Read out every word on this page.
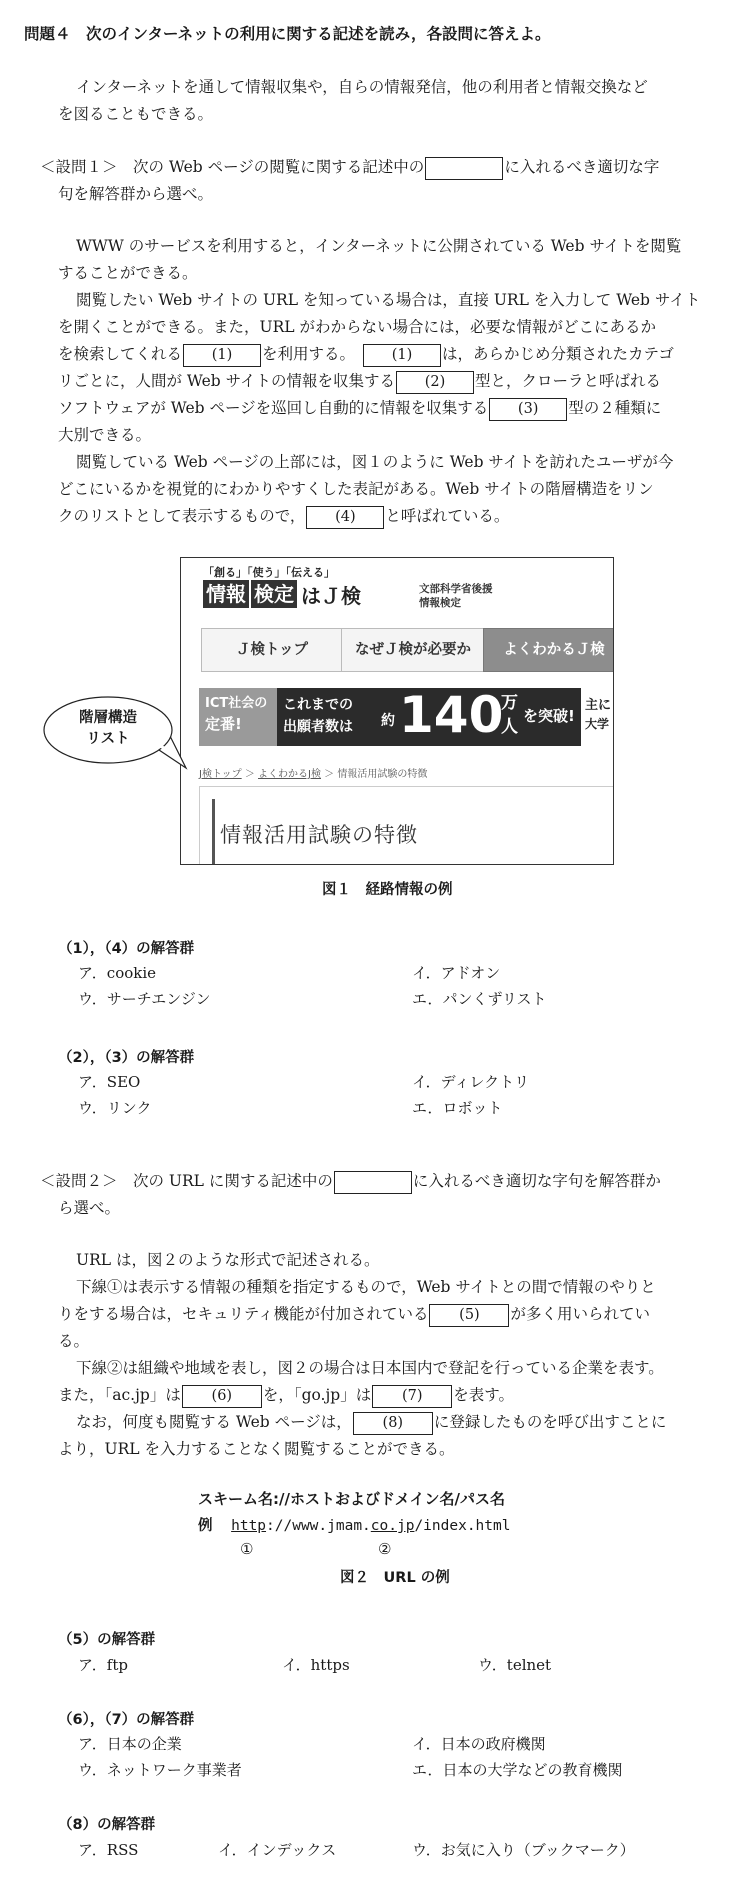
問題４　次のインターネットの利用に関する記述を読み，各設問に答えよ。
インターネットを通して情報収集や，自らの情報発信，他の利用者と情報交換など
を図ることもできる。
＜設問１＞　次の Web ページの閲覧に関する記述中の	に入れるべき適切な字
句を解答群から選べ。
WWW のサービスを利用すると，インターネットに公開されている Web サイトを閲覧
することができる。
閲覧したい Web サイトの URL を知っている場合は，直接 URL を入力して Web サイト
を開くことができる。また，URL がわからない場合には，必要な情報がどこにあるか
を検索してくれる (1) を利用する。	(1) は，あらかじめ分類されたカテゴ
リごとに，人間が Web サイトの情報を収集する (2) 型と，クローラと呼ばれる
ソフトウェアが Web ページを巡回し自動的に情報を収集する (3) 型の２種類に
大別できる。
閲覧している Web ページの上部には，図１のように Web サイトを訪れたユーザが今
どこにいるかを視覚的にわかりやすくした表記がある。Web サイトの階層構造をリン
クのリストとして表示するもので， (4) と呼ばれている。
「創る」「使う」「伝える」
情報 検定 はＪ検	文部科学省後援
情報検定
Ｊ検トップ	なぜＪ検が必要か	よくわかるＪ検
ICT社会の
定番!
これまでの
出願者数は 約 140
万
人
を突破!
主に
大学
J検トップ ＞ よくわかるJ検 ＞ 情報活用試験の特徴
情報活用試験の特徴
階層構造
リスト
図１　経路情報の例
（1），（4）の解答群
ア．cookie	イ．アドオン
ウ．サーチエンジン	エ．パンくずリスト
（2），（3）の解答群
ア．SEO	イ．ディレクトリ
ウ．リンク	エ．ロボット
＜設問２＞　次の URL に関する記述中の	に入れるべき適切な字句を解答群か
ら選べ。
URL は，図２のような形式で記述される。
下線①は表示する情報の種類を指定するもので，Web サイトとの間で情報のやりと
りをする場合は，セキュリティ機能が付加されている (5) が多く用いられてい
る。
下線②は組織や地域を表し，図２の場合は日本国内で登記を行っている企業を表す。
また，「ac.jp」は (6) を，「go.jp」は (7) を表す。
なお，何度も閲覧する Web ページは， (8) に登録したものを呼び出すことに
より，URL を入力することなく閲覧することができる。
スキーム名://ホストおよびドメイン名/パス名
例 http://www.jmam.co.jp/index.html
①	②
図２　URL の例
（5）の解答群
ア．ftp	イ．https	ウ．telnet
（6），（7）の解答群
ア．日本の企業	イ．日本の政府機関
ウ．ネットワーク事業者	エ．日本の大学などの教育機関
（8）の解答群
ア．RSS	イ．インデックス	ウ．お気に入り（ブックマーク）
